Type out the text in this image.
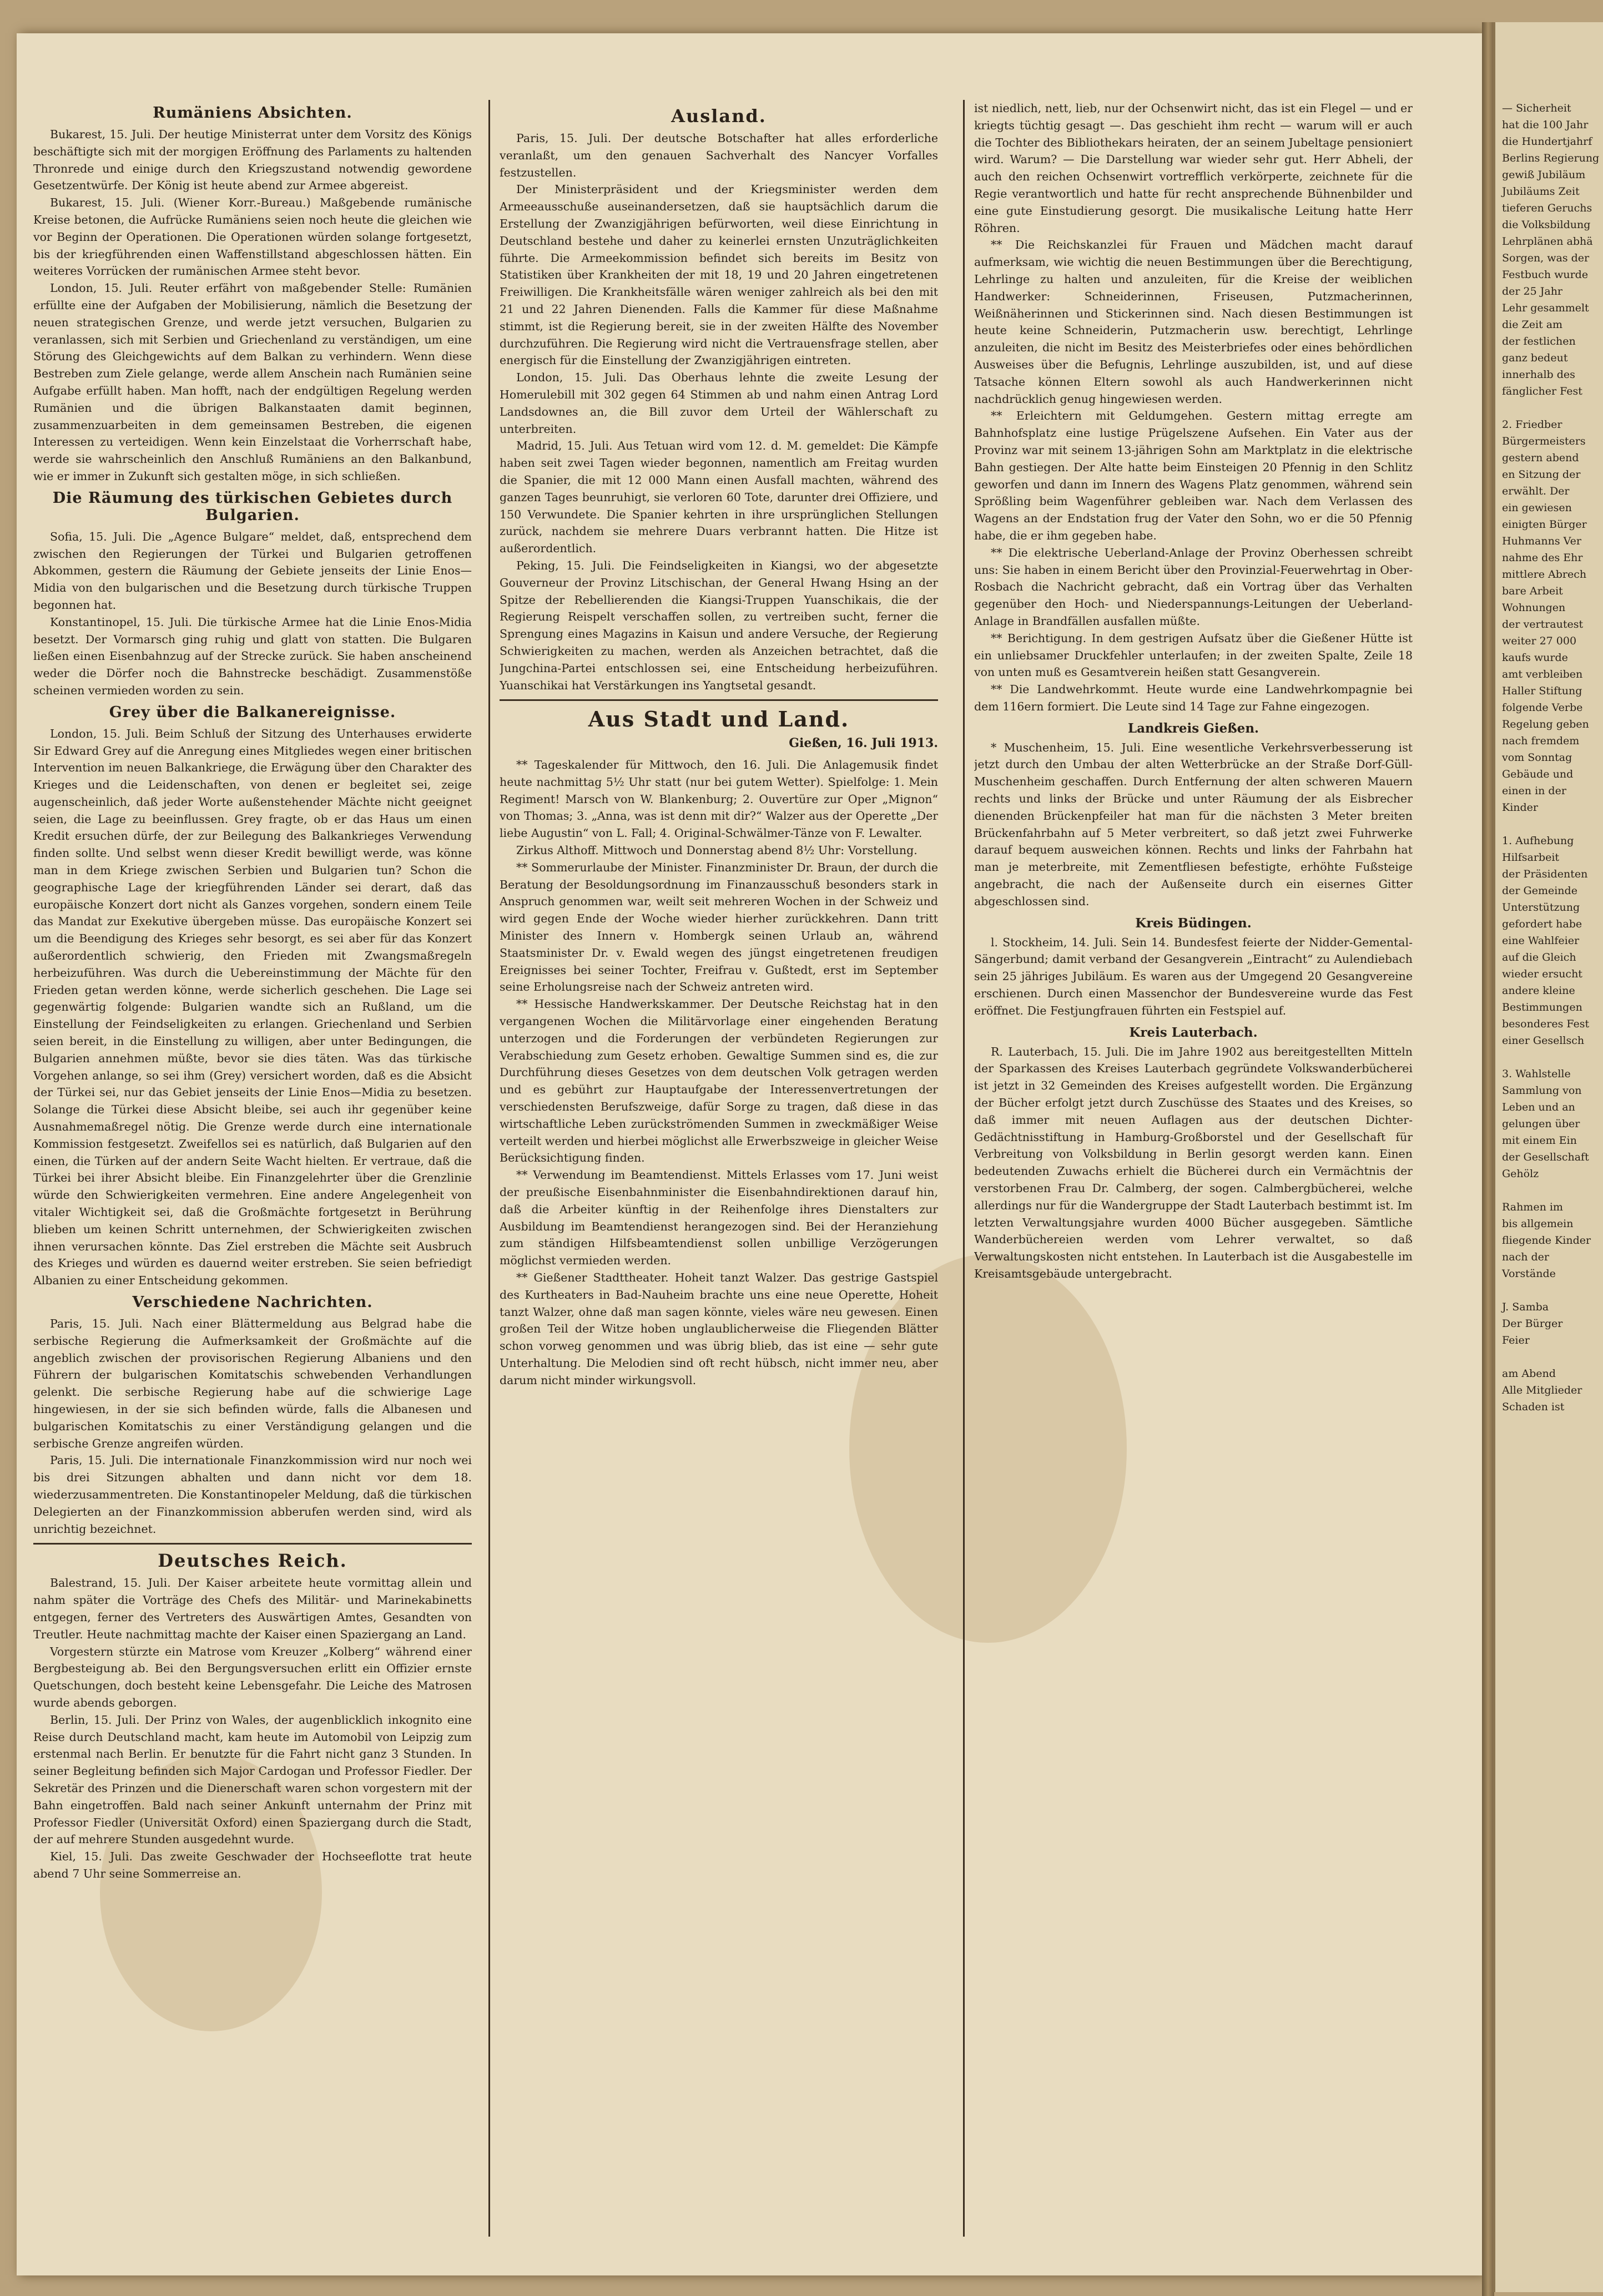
Rumäniens Absichten.

Bukarest, 15. Juli. Der heutige Ministerrat unter dem Vorsitz des Königs beschäftigte sich mit der morgigen Eröffnung des Parlaments zu haltenden Thronrede und einige durch den Kriegszustand notwendig gewordene Gesetzentwürfe. Der König ist heute abend zur Armee abgereist.

Bukarest, 15. Juli. (Wiener Korr.-Bureau.) Maßgebende rumänische Kreise betonen, die Aufrücke Rumäniens seien noch heute die gleichen wie vor Beginn der Operationen. Die Operationen würden solange fortgesetzt, bis der kriegführenden einen Waffenstillstand abgeschlossen hätten. Ein weiteres Vorrücken der rumänischen Armee steht bevor.

London, 15. Juli. Reuter erfährt von maßgebender Stelle: Rumänien erfüllte eine der Aufgaben der Mobilisierung, nämlich die Besetzung der neuen strategischen Grenze, und werde jetzt versuchen, Bulgarien zu veranlassen, sich mit Serbien und Griechenland zu verständigen, um eine Störung des Gleichgewichts auf dem Balkan zu verhindern. Wenn diese Bestreben zum Ziele gelange, werde allem Anschein nach Rumänien seine Aufgabe erfüllt haben. Man hofft, nach der endgültigen Regelung werden Rumänien und die übrigen Balkanstaaten damit beginnen, zusammenzuarbeiten in dem gemeinsamen Bestreben, die eigenen Interessen zu verteidigen. Wenn kein Einzelstaat die Vorherrschaft habe, werde sie wahrscheinlich den Anschluß Rumäniens an den Balkanbund, wie er immer in Zukunft sich gestalten möge, in sich schließen.

Die Räumung des türkischen Gebietes durch Bulgarien.

Sofia, 15. Juli. Die „Agence Bulgare“ meldet, daß, entsprechend dem zwischen den Regierungen der Türkei und Bulgarien getroffenen Abkommen, gestern die Räumung der Gebiete jenseits der Linie Enos—Midia von den bulgarischen und die Besetzung durch türkische Truppen begonnen hat.

Konstantinopel, 15. Juli. Die türkische Armee hat die Linie Enos-Midia besetzt. Der Vormarsch ging ruhig und glatt von statten. Die Bulgaren ließen einen Eisenbahnzug auf der Strecke zurück. Sie haben anscheinend weder die Dörfer noch die Bahnstrecke beschädigt. Zusammenstöße scheinen vermieden worden zu sein.

Grey über die Balkanereignisse.

London, 15. Juli. Beim Schluß der Sitzung des Unterhauses erwiderte Sir Edward Grey auf die Anregung eines Mitgliedes wegen einer britischen Intervention im neuen Balkankriege, die Erwägung über den Charakter des Krieges und die Leidenschaften, von denen er begleitet sei, zeige augenscheinlich, daß jeder Worte außenstehender Mächte nicht geeignet seien, die Lage zu beeinflussen. Grey fragte, ob er das Haus um einen Kredit ersuchen dürfe, der zur Beilegung des Balkankrieges Verwendung finden sollte. Und selbst wenn dieser Kredit bewilligt werde, was könne man in dem Kriege zwischen Serbien und Bulgarien tun? Schon die geographische Lage der kriegführenden Länder sei derart, daß das europäische Konzert dort nicht als Ganzes vorgehen, sondern einem Teile das Mandat zur Exekutive übergeben müsse. Das europäische Konzert sei um die Beendigung des Krieges sehr besorgt, es sei aber für das Konzert außerordentlich schwierig, den Frieden mit Zwangsmaßregeln herbeizuführen. Was durch die Uebereinstimmung der Mächte für den Frieden getan werden könne, werde sicherlich geschehen. Die Lage sei gegenwärtig folgende: Bulgarien wandte sich an Rußland, um die Einstellung der Feindseligkeiten zu erlangen. Griechenland und Serbien seien bereit, in die Einstellung zu willigen, aber unter Bedingungen, die Bulgarien annehmen müßte, bevor sie dies täten. Was das türkische Vorgehen anlange, so sei ihm (Grey) versichert worden, daß es die Absicht der Türkei sei, nur das Gebiet jenseits der Linie Enos—Midia zu besetzen. Solange die Türkei diese Absicht bleibe, sei auch ihr gegenüber keine Ausnahmemaßregel nötig. Die Grenze werde durch eine internationale Kommission festgesetzt. Zweifellos sei es natürlich, daß Bulgarien auf den einen, die Türken auf der andern Seite Wacht hielten. Er vertraue, daß die Türkei bei ihrer Absicht bleibe. Ein Finanzgelehrter über die Grenzlinie würde den Schwierigkeiten vermehren. Eine andere Angelegenheit von vitaler Wichtigkeit sei, daß die Großmächte fortgesetzt in Berührung blieben um keinen Schritt unternehmen, der Schwierigkeiten zwischen ihnen verursachen könnte. Das Ziel erstreben die Mächte seit Ausbruch des Krieges und würden es dauernd weiter erstreben. Sie seien befriedigt Albanien zu einer Entscheidung gekommen.

Verschiedene Nachrichten.

Paris, 15. Juli. Nach einer Blättermeldung aus Belgrad habe die serbische Regierung die Aufmerksamkeit der Großmächte auf die angeblich zwischen der provisorischen Regierung Albaniens und den Führern der bulgarischen Komitatschis schwebenden Verhandlungen gelenkt. Die serbische Regierung habe auf die schwierige Lage hingewiesen, in der sie sich befinden würde, falls die Albanesen und bulgarischen Komitatschis zu einer Verständigung gelangen und die serbische Grenze angreifen würden.

Paris, 15. Juli. Die internationale Finanzkommission wird nur noch wei bis drei Sitzungen abhalten und dann nicht vor dem 18. wiederzusammentreten. Die Konstantinopeler Meldung, daß die türkischen Delegierten an der Finanzkommission abberufen werden sind, wird als unrichtig bezeichnet.

Deutsches Reich.

Balestrand, 15. Juli. Der Kaiser arbeitete heute vormittag allein und nahm später die Vorträge des Chefs des Militär- und Marinekabinetts entgegen, ferner des Vertreters des Auswärtigen Amtes, Gesandten von Treutler. Heute nachmittag machte der Kaiser einen Spaziergang an Land.

Vorgestern stürzte ein Matrose vom Kreuzer „Kolberg“ während einer Bergbesteigung ab. Bei den Bergungsversuchen erlitt ein Offizier ernste Quetschungen, doch besteht keine Lebensgefahr. Die Leiche des Matrosen wurde abends geborgen.

Berlin, 15. Juli. Der Prinz von Wales, der augenblicklich inkognito eine Reise durch Deutschland macht, kam heute im Automobil von Leipzig zum erstenmal nach Berlin. Er benutzte für die Fahrt nicht ganz 3 Stunden. In seiner Begleitung befinden sich Major Cardogan und Professor Fiedler. Der Sekretär des Prinzen und die Dienerschaft waren schon vorgestern mit der Bahn eingetroffen. Bald nach seiner Ankunft unternahm der Prinz mit Professor Fiedler (Universität Oxford) einen Spaziergang durch die Stadt, der auf mehrere Stunden ausgedehnt wurde.

Kiel, 15. Juli. Das zweite Geschwader der Hochseeflotte trat heute abend 7 Uhr seine Sommerreise an.

Ausland.

Paris, 15. Juli. Der deutsche Botschafter hat alles erforderliche veranlaßt, um den genauen Sachverhalt des Nancyer Vorfalles festzustellen.

Der Ministerpräsident und der Kriegsminister werden dem Armeeausschuße auseinandersetzen, daß sie hauptsächlich darum die Erstellung der Zwanzigjährigen befürworten, weil diese Einrichtung in Deutschland bestehe und daher zu keinerlei ernsten Unzuträglichkeiten führte. Die Armeekommission befindet sich bereits im Besitz von Statistiken über Krankheiten der mit 18, 19 und 20 Jahren eingetretenen Freiwilligen. Die Krankheitsfälle wären weniger zahlreich als bei den mit 21 und 22 Jahren Dienenden. Falls die Kammer für diese Maßnahme stimmt, ist die Regierung bereit, sie in der zweiten Hälfte des November durchzuführen. Die Regierung wird nicht die Vertrauensfrage stellen, aber energisch für die Einstellung der Zwanzigjährigen eintreten.

London, 15. Juli. Das Oberhaus lehnte die zweite Lesung der Homerulebill mit 302 gegen 64 Stimmen ab und nahm einen Antrag Lord Landsdownes an, die Bill zuvor dem Urteil der Wählerschaft zu unterbreiten.

Madrid, 15. Juli. Aus Tetuan wird vom 12. d. M. gemeldet: Die Kämpfe haben seit zwei Tagen wieder begonnen, namentlich am Freitag wurden die Spanier, die mit 12 000 Mann einen Ausfall machten, während des ganzen Tages beunruhigt, sie verloren 60 Tote, darunter drei Offiziere, und 150 Verwundete. Die Spanier kehrten in ihre ursprünglichen Stellungen zurück, nachdem sie mehrere Duars verbrannt hatten. Die Hitze ist außerordentlich.

Peking, 15. Juli. Die Feindseligkeiten in Kiangsi, wo der abgesetzte Gouverneur der Provinz Litschischan, der General Hwang Hsing an der Spitze der Rebellierenden die Kiangsi-Truppen Yuanschikais, die der Regierung Reispelt verschaffen sollen, zu vertreiben sucht, ferner die Sprengung eines Magazins in Kaisun und andere Versuche, der Regierung Schwierigkeiten zu machen, werden als Anzeichen betrachtet, daß die Jungchina-Partei entschlossen sei, eine Entscheidung herbeizuführen. Yuanschikai hat Verstärkungen ins Yangtsetal gesandt.

Aus Stadt und Land.

Gießen, 16. Juli 1913.

** Tageskalender für Mittwoch, den 16. Juli. Die Anlagemusik findet heute nachmittag 5½ Uhr statt (nur bei gutem Wetter). Spielfolge: 1. Mein Regiment! Marsch von W. Blankenburg; 2. Ouvertüre zur Oper „Mignon“ von Thomas; 3. „Anna, was ist denn mit dir?“ Walzer aus der Operette „Der liebe Augustin“ von L. Fall; 4. Original-Schwälmer-Tänze von F. Lewalter.

Zirkus Althoff. Mittwoch und Donnerstag abend 8½ Uhr: Vorstellung.

** Sommerurlaube der Minister. Finanzminister Dr. Braun, der durch die Beratung der Besoldungsordnung im Finanzausschuß besonders stark in Anspruch genommen war, weilt seit mehreren Wochen in der Schweiz und wird gegen Ende der Woche wieder hierher zurückkehren. Dann tritt Minister des Innern v. Hombergk seinen Urlaub an, während Staatsminister Dr. v. Ewald wegen des jüngst eingetretenen freudigen Ereignisses bei seiner Tochter, Freifrau v. Gußtedt, erst im September seine Erholungsreise nach der Schweiz antreten wird.

** Hessische Handwerkskammer. Der Deutsche Reichstag hat in den vergangenen Wochen die Militärvorlage einer eingehenden Beratung unterzogen und die Forderungen der verbündeten Regierungen zur Verabschiedung zum Gesetz erhoben. Gewaltige Summen sind es, die zur Durchführung dieses Gesetzes von dem deutschen Volk getragen werden und es gebührt zur Hauptaufgabe der Interessenvertretungen der verschiedensten Berufszweige, dafür Sorge zu tragen, daß diese in das wirtschaftliche Leben zurückströmenden Summen in zweckmäßiger Weise verteilt werden und hierbei möglichst alle Erwerbszweige in gleicher Weise Berücksichtigung finden.

** Verwendung im Beamtendienst. Mittels Erlasses vom 17. Juni weist der preußische Eisenbahnminister die Eisenbahndirektionen darauf hin, daß die Arbeiter künftig in der Reihenfolge ihres Dienstalters zur Ausbildung im Beamtendienst herangezogen sind. Bei der Heranziehung zum ständigen Hilfsbeamtendienst sollen unbillige Verzögerungen möglichst vermieden werden.

** Gießener Stadttheater. Hoheit tanzt Walzer. Das gestrige Gastspiel des Kurtheaters in Bad-Nauheim brachte uns eine neue Operette, Hoheit tanzt Walzer, ohne daß man sagen könnte, vieles wäre neu gewesen. Einen großen Teil der Witze hoben unglaublicherweise die Fliegenden Blätter schon vorweg genommen und was übrig blieb, das ist eine — sehr gute Unterhaltung. Die Melodien sind oft recht hübsch, nicht immer neu, aber darum nicht minder wirkungsvoll.

ist niedlich, nett, lieb, nur der Ochsenwirt nicht, das ist ein Flegel — und er kriegts tüchtig gesagt —. Das geschieht ihm recht — warum will er auch die Tochter des Bibliothekars heiraten, der an seinem Jubeltage pensioniert wird. Warum? — Die Darstellung war wieder sehr gut. Herr Abheli, der auch den reichen Ochsenwirt vortrefflich verkörperte, zeichnete für die Regie verantwortlich und hatte für recht ansprechende Bühnenbilder und eine gute Einstudierung gesorgt. Die musikalische Leitung hatte Herr Röhren.

** Die Reichskanzlei für Frauen und Mädchen macht darauf aufmerksam, wie wichtig die neuen Bestimmungen über die Berechtigung, Lehrlinge zu halten und anzuleiten, für die Kreise der weiblichen Handwerker: Schneiderinnen, Friseusen, Putzmacherinnen, Weißnäherinnen und Stickerinnen sind. Nach diesen Bestimmungen ist heute keine Schneiderin, Putzmacherin usw. berechtigt, Lehrlinge anzuleiten, die nicht im Besitz des Meisterbriefes oder eines behördlichen Ausweises über die Befugnis, Lehrlinge auszubilden, ist, und auf diese Tatsache können Eltern sowohl als auch Handwerkerinnen nicht nachdrücklich genug hingewiesen werden.

** Erleichtern mit Geldumgehen. Gestern mittag erregte am Bahnhofsplatz eine lustige Prügelszene Aufsehen. Ein Vater aus der Provinz war mit seinem 13-jährigen Sohn am Marktplatz in die elektrische Bahn gestiegen. Der Alte hatte beim Einsteigen 20 Pfennig in den Schlitz geworfen und dann im Innern des Wagens Platz genommen, während sein Sprößling beim Wagenführer gebleiben war. Nach dem Verlassen des Wagens an der Endstation frug der Vater den Sohn, wo er die 50 Pfennig habe, die er ihm gegeben habe.

** Die elektrische Ueberland-Anlage der Provinz Oberhessen schreibt uns: Sie haben in einem Bericht über den Provinzial-Feuerwehrtag in Ober-Rosbach die Nachricht gebracht, daß ein Vortrag über das Verhalten gegenüber den Hoch- und Niederspannungs-Leitungen der Ueberland-Anlage in Brandfällen ausfallen müßte.

** Berichtigung. In dem gestrigen Aufsatz über die Gießener Hütte ist ein unliebsamer Druckfehler unterlaufen; in der zweiten Spalte, Zeile 18 von unten muß es Gesamtverein heißen statt Gesangverein.

** Die Landwehrkommt. Heute wurde eine Landwehrkompagnie bei dem 116ern formiert. Die Leute sind 14 Tage zur Fahne eingezogen.

Landkreis Gießen.

* Muschenheim, 15. Juli. Eine wesentliche Verkehrsverbesserung ist jetzt durch den Umbau der alten Wetterbrücke an der Straße Dorf-Güll-Muschenheim geschaffen. Durch Entfernung der alten schweren Mauern rechts und links der Brücke und unter Räumung der als Eisbrecher dienenden Brückenpfeiler hat man für die nächsten 3 Meter breiten Brückenfahrbahn auf 5 Meter verbreitert, so daß jetzt zwei Fuhrwerke darauf bequem ausweichen können. Rechts und links der Fahrbahn hat man je meterbreite, mit Zementfliesen befestigte, erhöhte Fußsteige angebracht, die nach der Außenseite durch ein eisernes Gitter abgeschlossen sind.

Kreis Büdingen.

l. Stockheim, 14. Juli. Sein 14. Bundesfest feierte der Nidder-Gemental-Sängerbund; damit verband der Gesangverein „Eintracht“ zu Aulendiebach sein 25 jähriges Jubiläum. Es waren aus der Umgegend 20 Gesangvereine erschienen. Durch einen Massenchor der Bundesvereine wurde das Fest eröffnet. Die Festjungfrauen führten ein Festspiel auf.

Kreis Lauterbach.

R. Lauterbach, 15. Juli. Die im Jahre 1902 aus bereitgestellten Mitteln der Sparkassen des Kreises Lauterbach gegründete Volkswanderbücherei ist jetzt in 32 Gemeinden des Kreises aufgestellt worden. Die Ergänzung der Bücher erfolgt jetzt durch Zuschüsse des Staates und des Kreises, so daß immer mit neuen Auflagen aus der deutschen Dichter-Gedächtnisstiftung in Hamburg-Großborstel und der Gesellschaft für Verbreitung von Volksbildung in Berlin gesorgt werden kann. Einen bedeutenden Zuwachs erhielt die Bücherei durch ein Vermächtnis der verstorbenen Frau Dr. Calmberg, der sogen. Calmbergbücherei, welche allerdings nur für die Wandergruppe der Stadt Lauterbach bestimmt ist. Im letzten Verwaltungsjahre wurden 4000 Bücher ausgegeben. Sämtliche Wanderbüchereien werden vom Lehrer verwaltet, so daß Verwaltungskosten nicht entstehen. In Lauterbach ist die Ausgabestelle im Kreisamtsgebäude untergebracht.

— Sicherheit

hat die 100 Jahr

die Hundertjahrf

Berlins Regierung

gewiß Jubiläum

Jubiläums Zeit

tieferen Geruchs

die Volksbildung

Lehrplänen abhä

Sorgen, was der

Festbuch wurde

der 25 Jahr

Lehr gesammelt

die Zeit am

der festlichen

ganz bedeut

innerhalb des

fänglicher Fest

2. Friedber

Bürgermeisters

gestern abend

en Sitzung der

erwählt. Der

ein gewiesen

einigten Bürger

Huhmanns Ver

nahme des Ehr

mittlere Abrech

bare Arbeit

Wohnungen

der vertrautest

weiter 27 000

kaufs wurde

amt verbleiben

Haller Stiftung

folgende Verbe

Regelung geben

nach fremdem

vom Sonntag

Gebäude und

einen in der

Kinder

1. Aufhebung

Hilfsarbeit

der Präsidenten

der Gemeinde

Unterstützung

gefordert habe

eine Wahlfeier

auf die Gleich

wieder ersucht

andere kleine

Bestimmungen

besonderes Fest

einer Gesellsch

3. Wahlstelle

Sammlung von

Leben und an

gelungen über

mit einem Ein

der Gesellschaft

Gehölz

Rahmen im

bis allgemein

fliegende Kinder

nach der

Vorstände

J. Samba

Der Bürger

Feier

am Abend

Alle Mitglieder

Schaden ist
